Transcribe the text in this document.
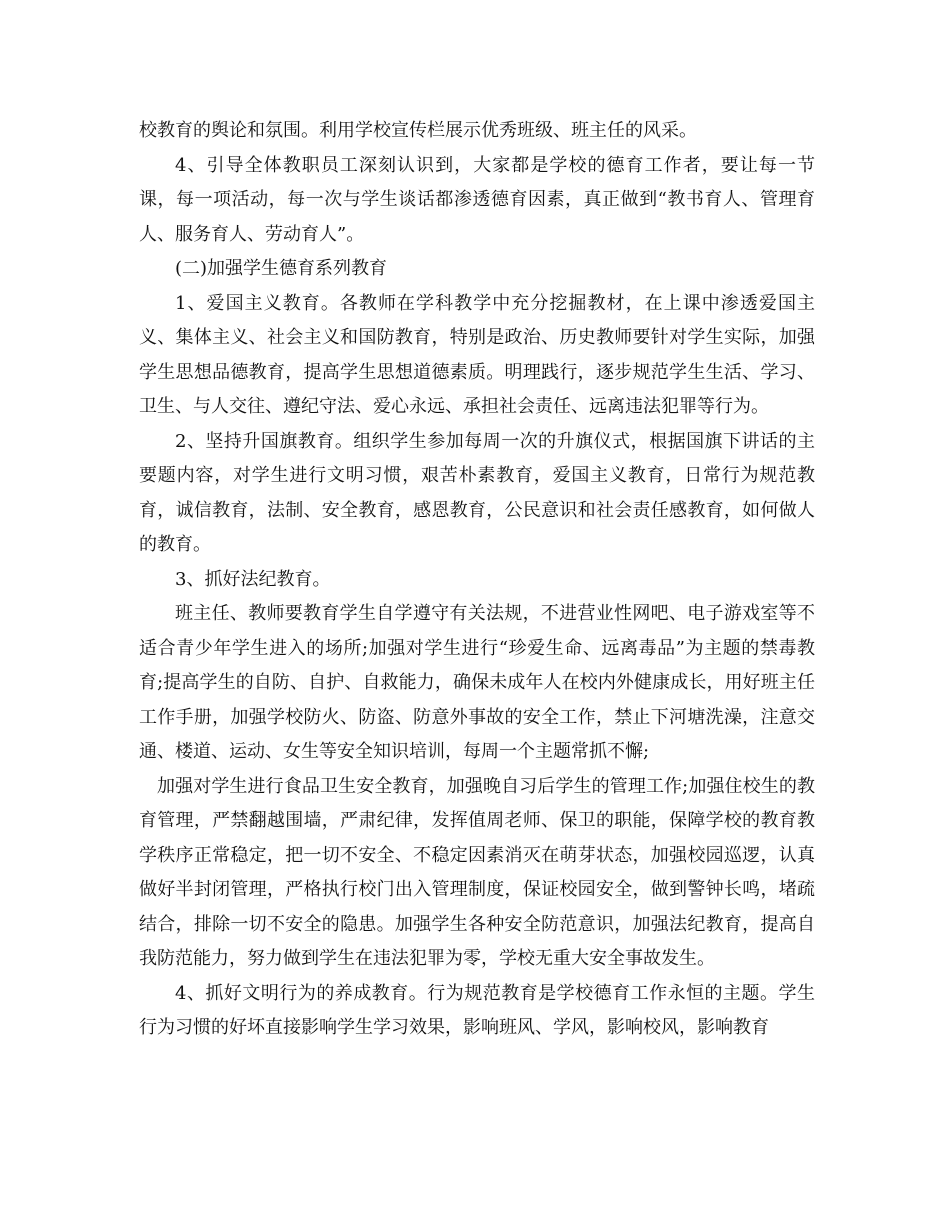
校教育的舆论和氛围。利用学校宣传栏展示优秀班级、班主任的风采。

4、引导全体教职员工深刻认识到，大家都是学校的德育工作者，要让每一节课，每一项活动，每一次与学生谈话都渗透德育因素，真正做到“教书育人、管理育人、服务育人、劳动育人”。

(二)加强学生德育系列教育

1、爱国主义教育。各教师在学科教学中充分挖掘教材，在上课中渗透爱国主义、集体主义、社会主义和国防教育，特别是政治、历史教师要针对学生实际，加强学生思想品德教育，提高学生思想道德素质。明理践行，逐步规范学生生活、学习、卫生、与人交往、遵纪守法、爱心永远、承担社会责任、远离违法犯罪等行为。

2、坚持升国旗教育。组织学生参加每周一次的升旗仪式，根据国旗下讲话的主要题内容，对学生进行文明习惯，艰苦朴素教育，爱国主义教育，日常行为规范教育，诚信教育，法制、安全教育，感恩教育，公民意识和社会责任感教育，如何做人的教育。

3、抓好法纪教育。

班主任、教师要教育学生自学遵守有关法规，不进营业性网吧、电子游戏室等不适合青少年学生进入的场所;加强对学生进行“珍爱生命、远离毒品”为主题的禁毒教育;提高学生的自防、自护、自救能力，确保未成年人在校内外健康成长，用好班主任工作手册，加强学校防火、防盗、防意外事故的安全工作，禁止下河塘洗澡，注意交通、楼道、运动、女生等安全知识培训，每周一个主题常抓不懈;

加强对学生进行食品卫生安全教育，加强晚自习后学生的管理工作;加强住校生的教育管理，严禁翻越围墙，严肃纪律，发挥值周老师、保卫的职能，保障学校的教育教学秩序正常稳定，把一切不安全、不稳定因素消灭在萌芽状态，加强校园巡逻，认真做好半封闭管理，严格执行校门出入管理制度，保证校园安全，做到警钟长鸣，堵疏结合，排除一切不安全的隐患。加强学生各种安全防范意识，加强法纪教育，提高自我防范能力，努力做到学生在违法犯罪为零，学校无重大安全事故发生。

4、抓好文明行为的养成教育。行为规范教育是学校德育工作永恒的主题。学生行为习惯的好坏直接影响学生学习效果，影响班风、学风，影响校风，影响教育
